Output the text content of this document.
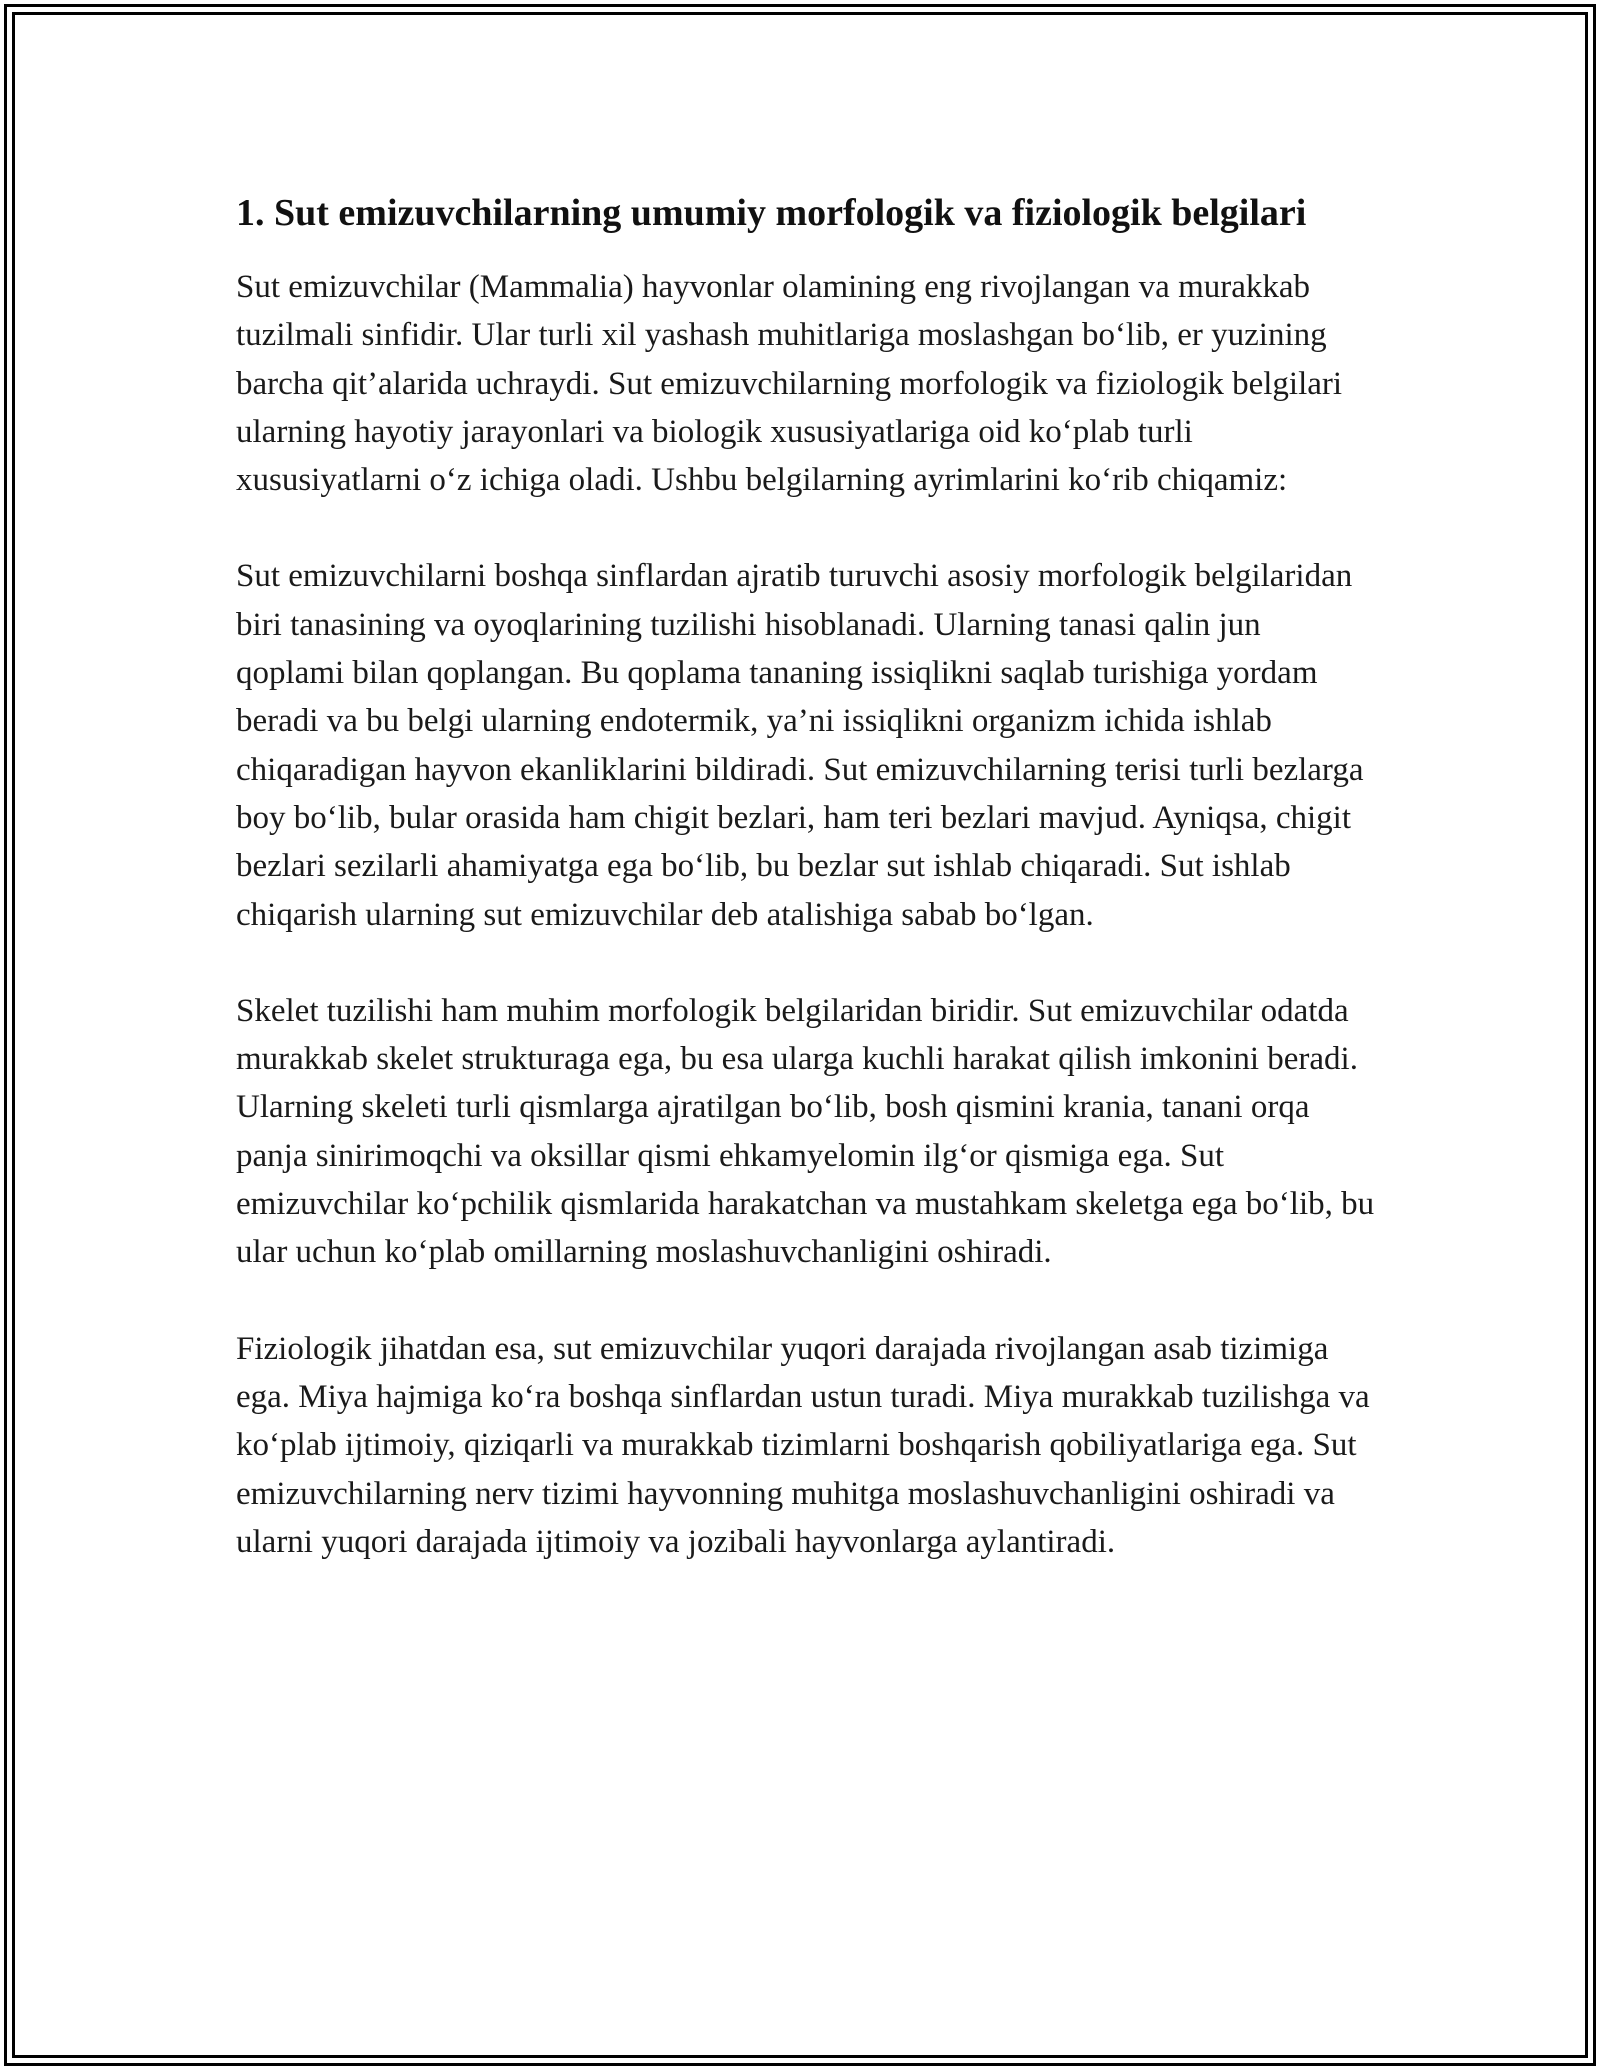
1. Sut emizuvchilarning umumiy morfologik va fiziologik belgilari

Sut emizuvchilar (Mammalia) hayvonlar olamining eng rivojlangan va murakkab tuzilmali sinfidir. Ular turli xil yashash muhitlariga moslashgan bo‘lib, er yuzining barcha qit’alarida uchraydi. Sut emizuvchilarning morfologik va fiziologik belgilari ularning hayotiy jarayonlari va biologik xususiyatlariga oid ko‘plab turli xususiyatlarni o‘z ichiga oladi. Ushbu belgilarning ayrimlarini ko‘rib chiqamiz:

Sut emizuvchilarni boshqa sinflardan ajratib turuvchi asosiy morfologik belgilaridan biri tanasining va oyoqlarining tuzilishi hisoblanadi. Ularning tanasi qalin jun qoplami bilan qoplangan. Bu qoplama tananing issiqlikni saqlab turishiga yordam beradi va bu belgi ularning endotermik, ya’ni issiqlikni organizm ichida ishlab chiqaradigan hayvon ekanliklarini bildiradi. Sut emizuvchilarning terisi turli bezlarga boy bo‘lib, bular orasida ham chigit bezlari, ham teri bezlari mavjud. Ayniqsa, chigit bezlari sezilarli ahamiyatga ega bo‘lib, bu bezlar sut ishlab chiqaradi. Sut ishlab chiqarish ularning sut emizuvchilar deb atalishiga sabab bo‘lgan.

Skelet tuzilishi ham muhim morfologik belgilaridan biridir. Sut emizuvchilar odatda murakkab skelet strukturaga ega, bu esa ularga kuchli harakat qilish imkonini beradi. Ularning skeleti turli qismlarga ajratilgan bo‘lib, bosh qismini krania, tanani orqa panja sinirimoqchi va oksillar qismi ehkamyelomin ilg‘or qismiga ega. Sut emizuvchilar ko‘pchilik qismlarida harakatchan va mustahkam skeletga ega bo‘lib, bu ular uchun ko‘plab omillarning moslashuvchanligini oshiradi.

Fiziologik jihatdan esa, sut emizuvchilar yuqori darajada rivojlangan asab tizimiga ega. Miya hajmiga ko‘ra boshqa sinflardan ustun turadi. Miya murakkab tuzilishga va ko‘plab ijtimoiy, qiziqarli va murakkab tizimlarni boshqarish qobiliyatlariga ega. Sut emizuvchilarning nerv tizimi hayvonning muhitga moslashuvchanligini oshiradi va ularni yuqori darajada ijtimoiy va jozibali hayvonlarga aylantiradi.
